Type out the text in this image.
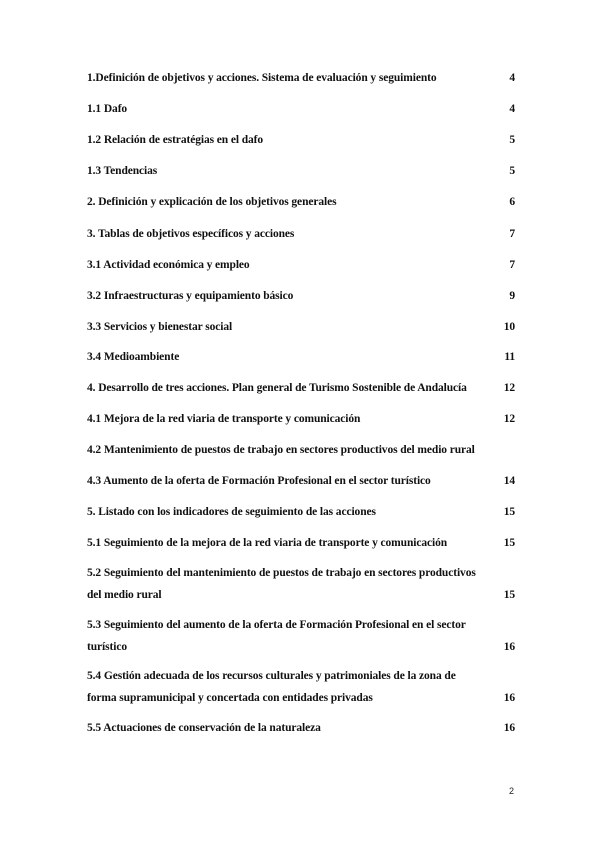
1.Definición de objetivos y acciones. Sistema de evaluación y seguimiento	4
1.1 Dafo	4
1.2 Relación de estratégias en el dafo	5
1.3 Tendencias	5
2. Definición y explicación de los objetivos generales	6
3. Tablas de objetivos específicos y acciones	7
3.1 Actividad económica y empleo	7
3.2 Infraestructuras y equipamiento básico	9
3.3 Servicios y bienestar social	10
3.4 Medioambiente	11
4. Desarrollo de tres acciones. Plan general de Turismo Sostenible de Andalucía	12
4.1 Mejora de la red viaria de transporte y comunicación	12
4.2 Mantenimiento de puestos de trabajo en sectores productivos del medio rural
4.3 Aumento de la oferta de Formación Profesional en el sector turístico	14
5. Listado con los indicadores de seguimiento de las acciones	15
5.1 Seguimiento de la mejora de la red viaria de transporte y comunicación	15
5.2 Seguimiento del mantenimiento de puestos de trabajo en sectores productivos del medio rural	15
5.3 Seguimiento del aumento de la oferta de Formación Profesional en el sector turístico	16
5.4 Gestión adecuada de los recursos culturales y patrimoniales de la zona de forma supramunicipal y concertada con entidades privadas	16
5.5 Actuaciones de conservación de la naturaleza	16
2
